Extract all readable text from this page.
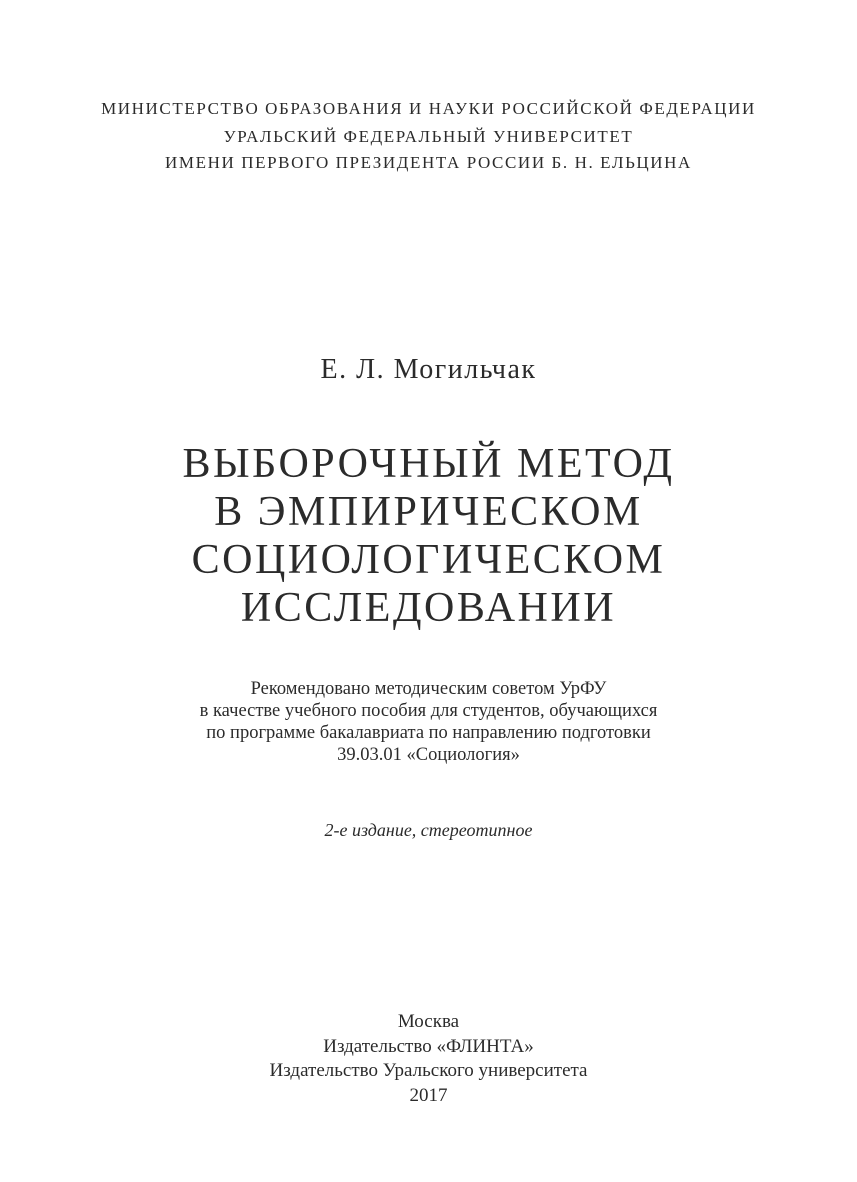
МИНИСТЕРСТВО ОБРАЗОВАНИЯ И НАУКИ РОССИЙСКОЙ ФЕДЕРАЦИИ
УРАЛЬСКИЙ ФЕДЕРАЛЬНЫЙ УНИВЕРСИТЕТ
ИМЕНИ ПЕРВОГО ПРЕЗИДЕНТА РОССИИ Б. Н. ЕЛЬЦИНА
Е. Л. Могильчак
ВЫБОРОЧНЫЙ МЕТОД
В ЭМПИРИЧЕСКОМ
СОЦИОЛОГИЧЕСКОМ
ИССЛЕДОВАНИИ
Рекомендовано методическим советом УрФУ
в качестве учебного пособия для студентов, обучающихся
по программе бакалавриата по направлению подготовки
39.03.01 «Социология»
2-е издание, стереотипное
Москва
Издательство «ФЛИНТА»
Издательство Уральского университета
2017
